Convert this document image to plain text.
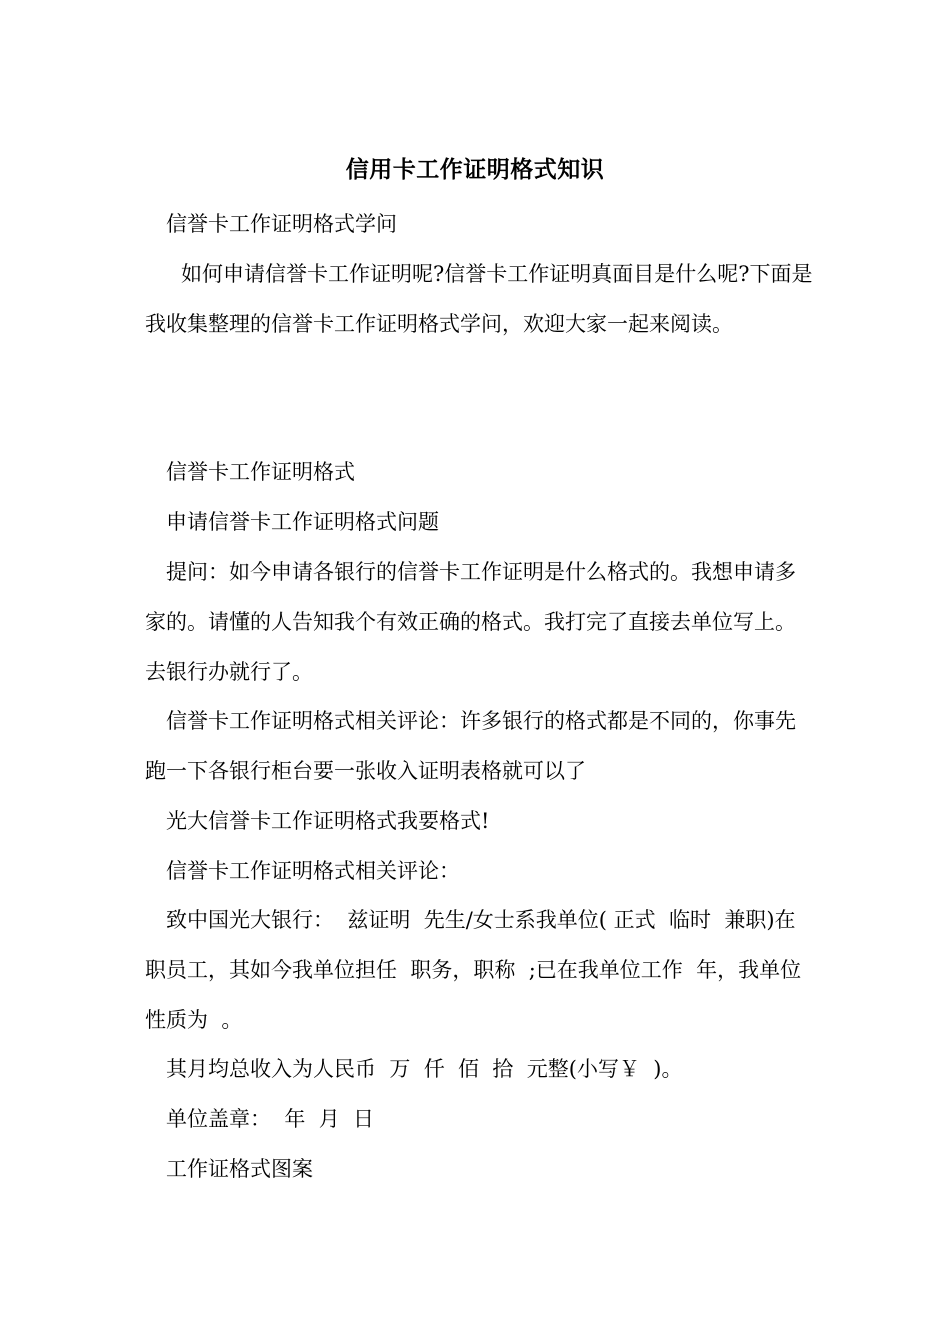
信用卡工作证明格式知识

信誉卡工作证明格式学问

如何申请信誉卡工作证明呢?信誉卡工作证明真面目是什么呢?下面是我收集整理的信誉卡工作证明格式学问，欢迎大家一起来阅读。

信誉卡工作证明格式

申请信誉卡工作证明格式问题

提问：如今申请各银行的信誉卡工作证明是什么格式的。我想申请多家的。请懂的人告知我个有效正确的格式。我打完了直接去单位写上。去银行办就行了。

信誉卡工作证明格式相关评论：许多银行的格式都是不同的，你事先跑一下各银行柜台要一张收入证明表格就可以了

光大信誉卡工作证明格式我要格式!

信誉卡工作证明格式相关评论：

致中国光大银行：  兹证明  先生/女士系我单位( 正式  临时  兼职)在职员工，其如今我单位担任  职务，职称  ;已在我单位工作  年，我单位性质为  。

其月均总收入为人民币  万  仟  佰  拾  元整(小写￥  )。

单位盖章：  年  月  日

工作证格式图案
